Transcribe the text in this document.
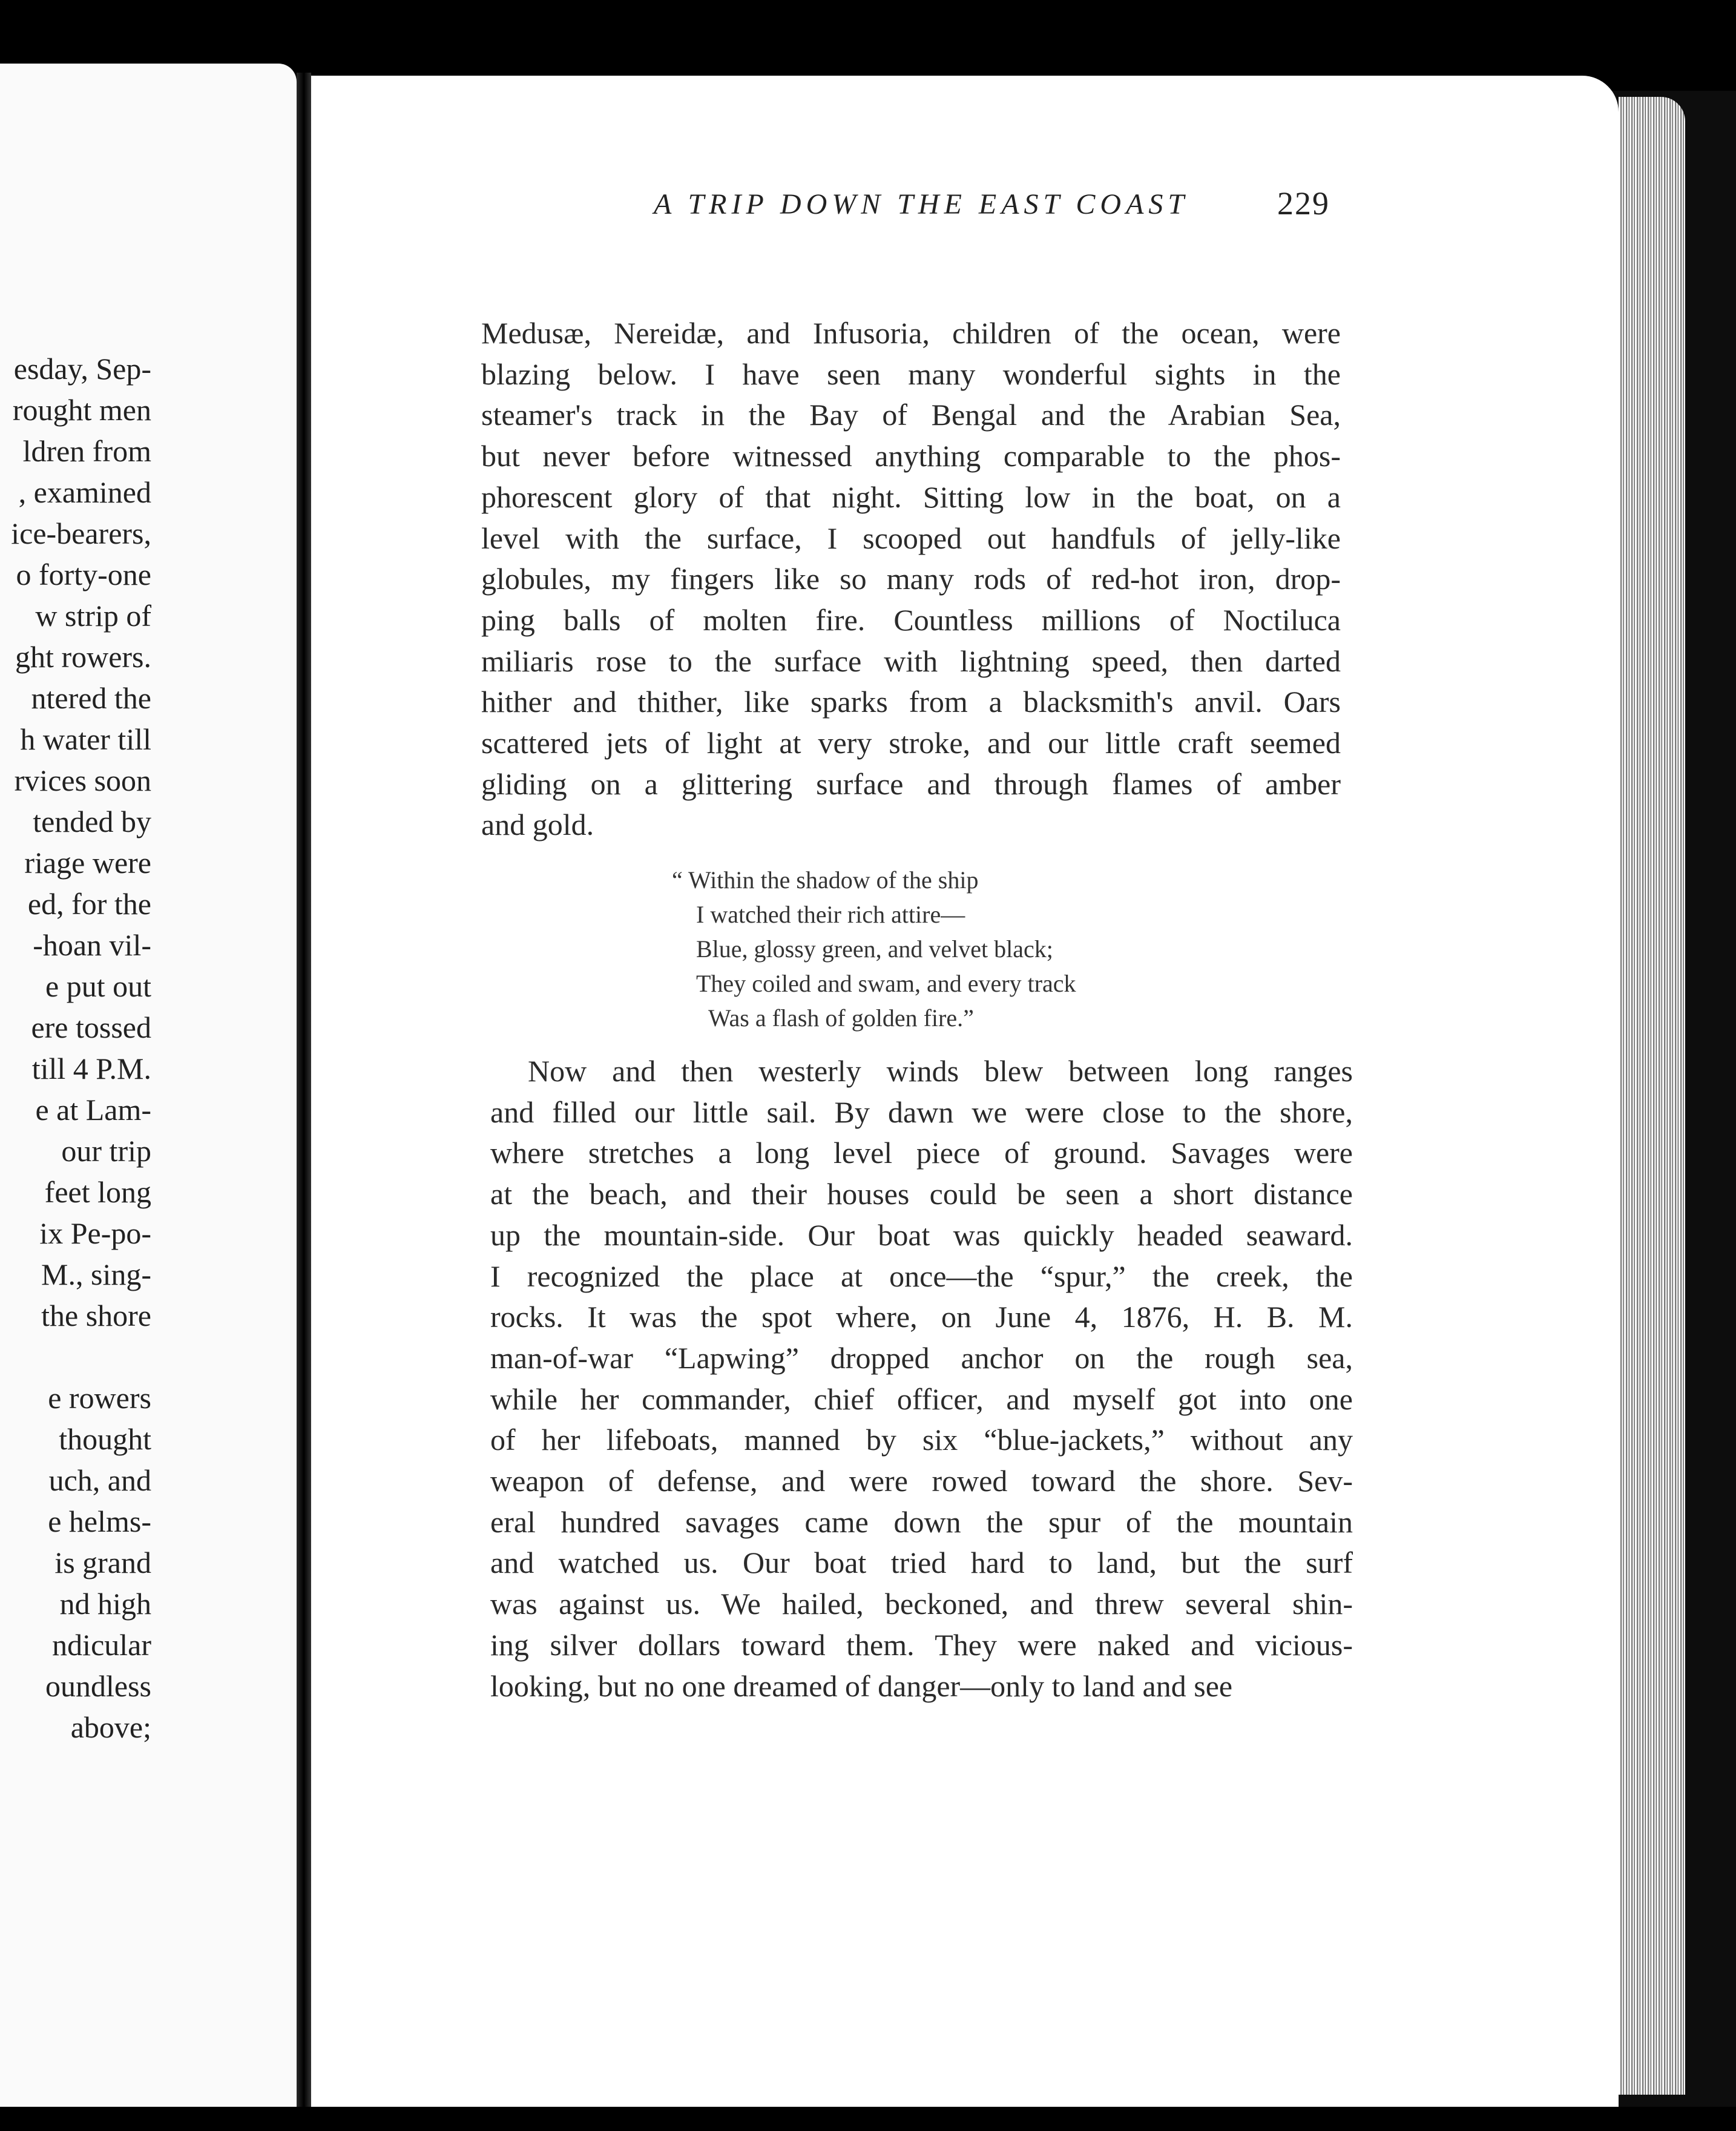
esday, Sep-
rought men
ldren from
, examined
ice-bearers,
o forty-one
w strip of
ght rowers.
ntered the
h water till
rvices soon
tended by
riage were
ed, for the
-hoan vil-
e put out
ere tossed
till 4 P.M.
e at Lam-
our trip
feet long
ix Pe-po-
M., sing-
the shore
e rowers
thought
uch, and
e helms-
is grand
nd high
ndicular
oundless
above;
A TRIP DOWN THE EAST COAST	229
Medusæ, Nereidæ, and Infusoria, children of the ocean, were
blazing below. I have seen many wonderful sights in the
steamer's track in the Bay of Bengal and the Arabian Sea,
but never before witnessed anything comparable to the phos-
phorescent glory of that night. Sitting low in the boat, on a
level with the surface, I scooped out handfuls of jelly-like
globules, my fingers like so many rods of red-hot iron, drop-
ping balls of molten fire. Countless millions of Noctiluca
miliaris rose to the surface with lightning speed, then darted
hither and thither, like sparks from a blacksmith's anvil. Oars
scattered jets of light at very stroke, and our little craft seemed
gliding on a glittering surface and through flames of amber
and gold.
“ Within the shadow of the ship
I watched their rich attire—
Blue, glossy green, and velvet black;
They coiled and swam, and every track
Was a flash of golden fire.”
Now and then westerly winds blew between long ranges
and filled our little sail. By dawn we were close to the shore,
where stretches a long level piece of ground. Savages were
at the beach, and their houses could be seen a short distance
up the mountain-side. Our boat was quickly headed seaward.
I recognized the place at once—the “spur,” the creek, the
rocks. It was the spot where, on June 4, 1876, H. B. M.
man-of-war “Lapwing” dropped anchor on the rough sea,
while her commander, chief officer, and myself got into one
of her lifeboats, manned by six “blue-jackets,” without any
weapon of defense, and were rowed toward the shore. Sev-
eral hundred savages came down the spur of the mountain
and watched us. Our boat tried hard to land, but the surf
was against us. We hailed, beckoned, and threw several shin-
ing silver dollars toward them. They were naked and vicious-
looking, but no one dreamed of danger—only to land and see
